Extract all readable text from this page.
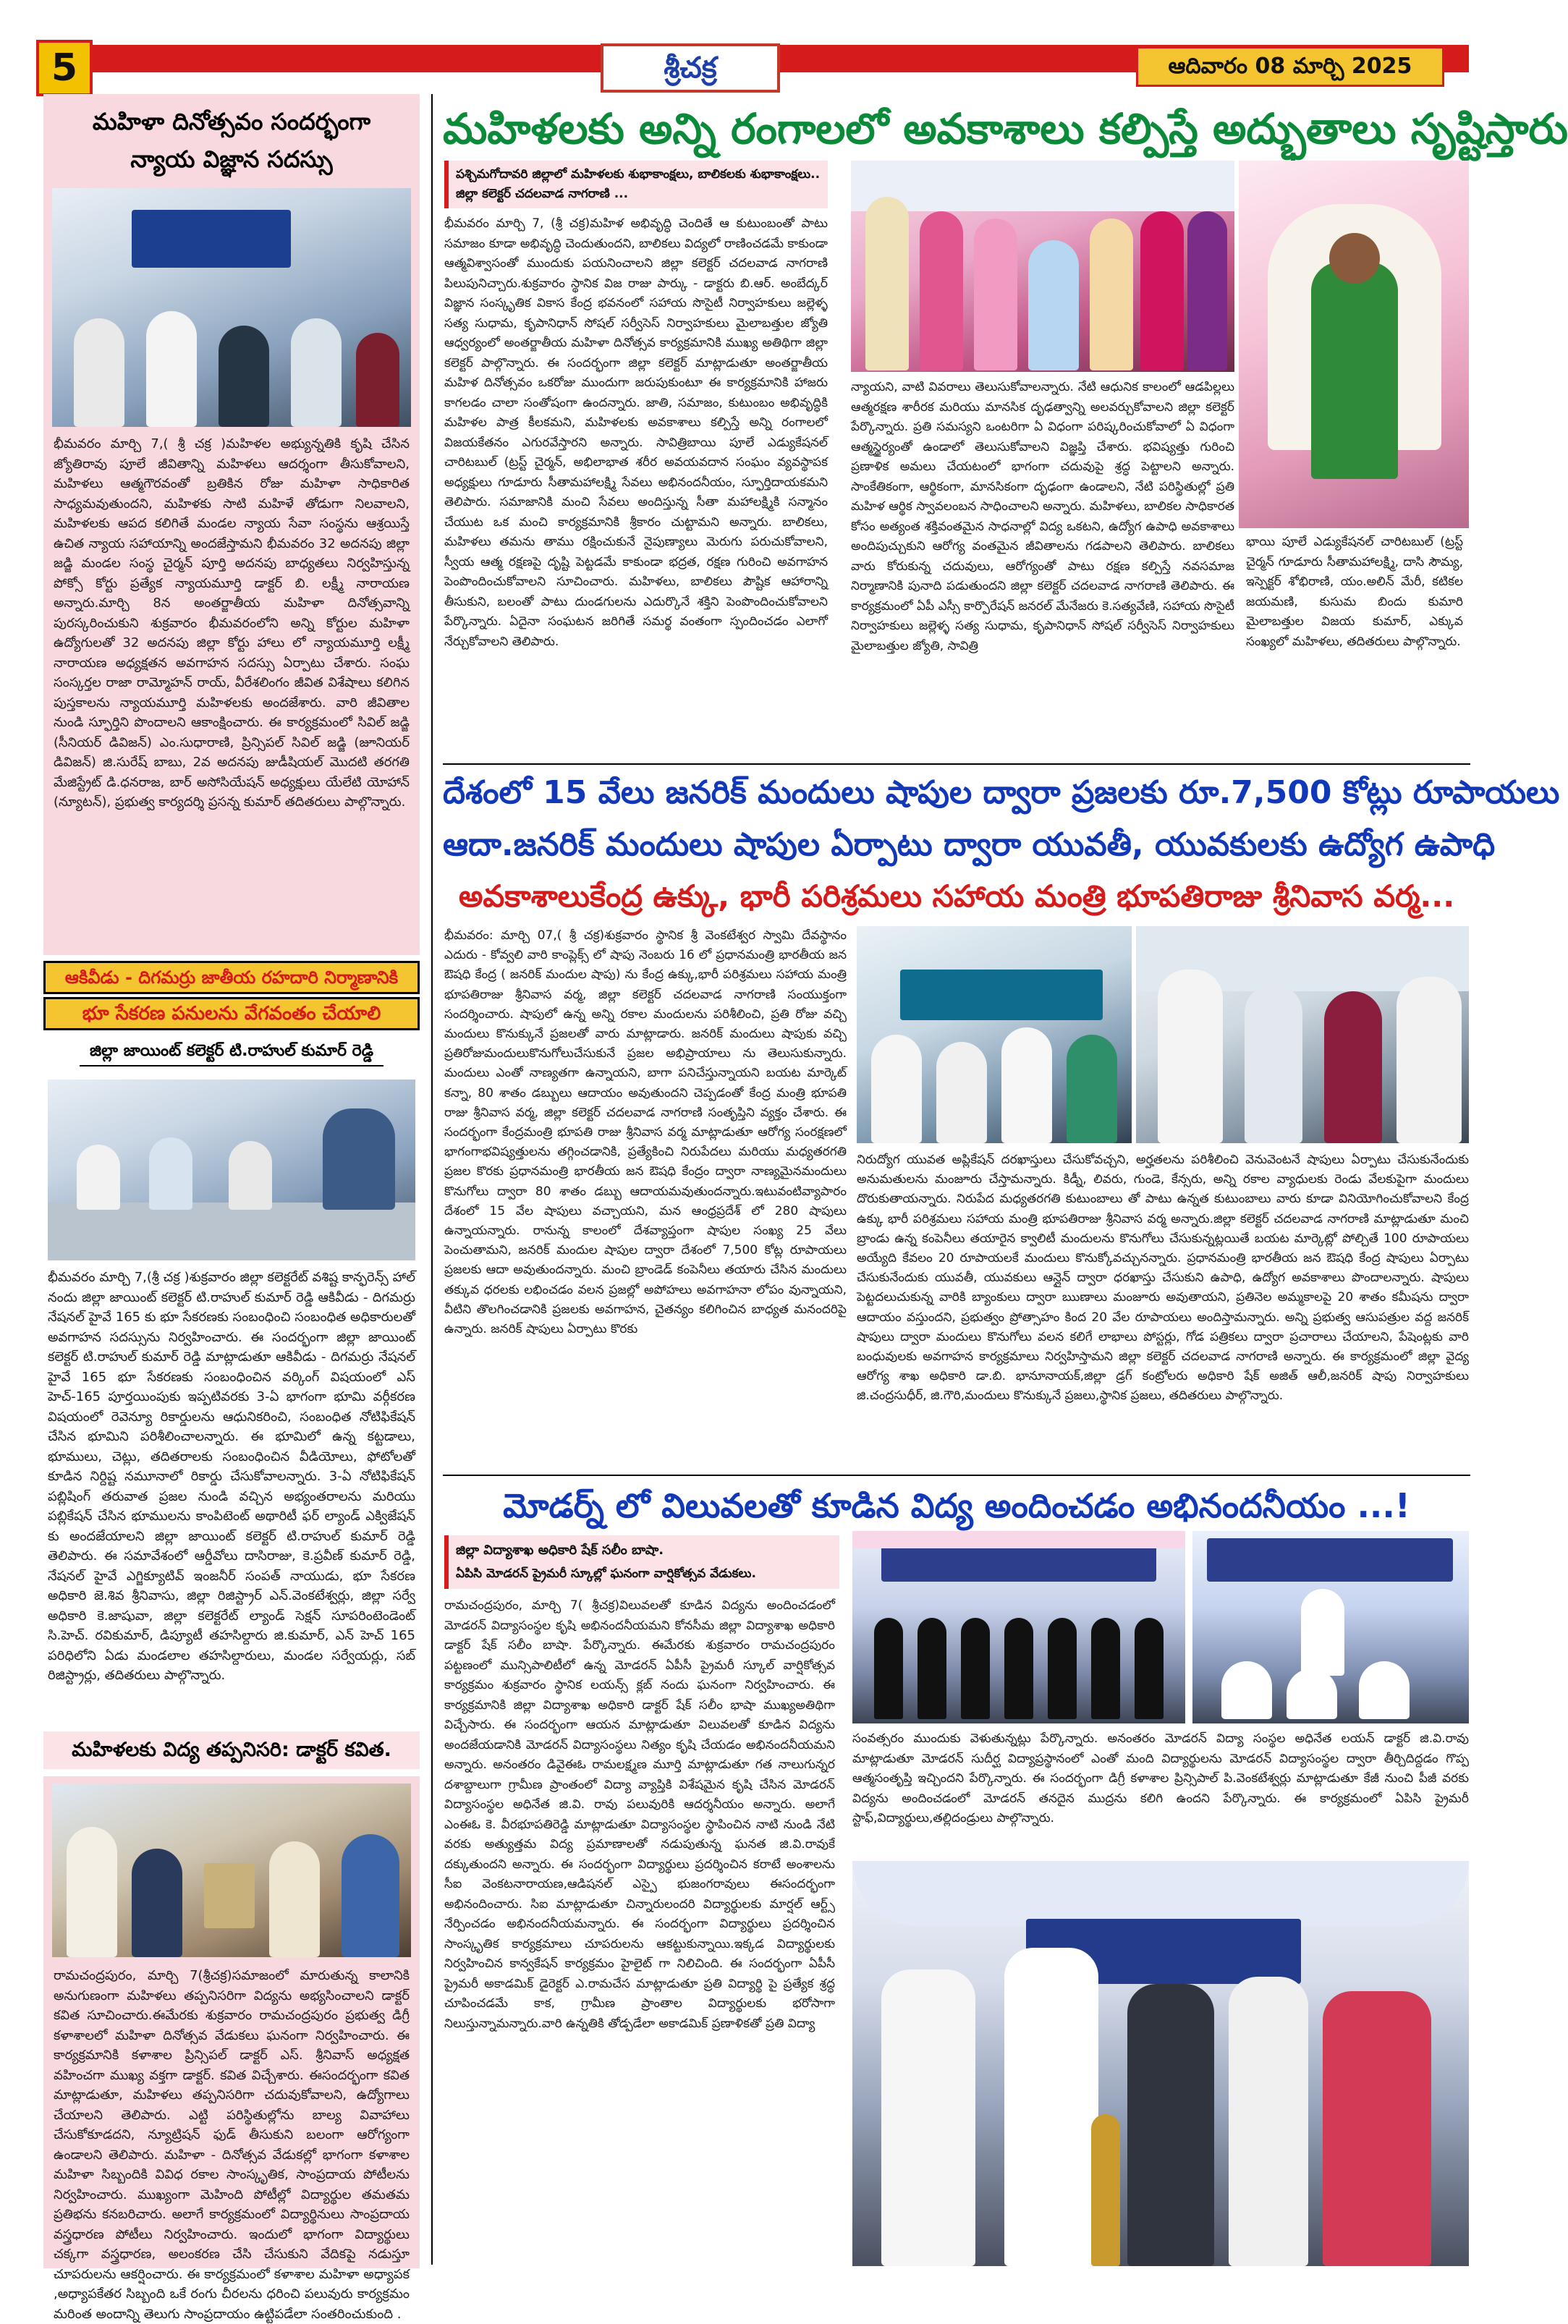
5	శ్రీచక్ర	ఆదివారం 08 మార్చి 2025
మహిళా దినోత్సవం సందర్భంగా
న్యాయ విజ్ఞాన సదస్సు
భీమవరం మార్చి 7,( శ్రీ చక్ర )మహిళల అభ్యున్నతికి కృషి చేసిన జ్యోతిరావు పూలే జీవితాన్ని మహిళలు ఆదర్శంగా తీసుకోవాలని, మహిళలు ఆత్మగౌరవంతో బ్రతికిన రోజు మహిళా సాధికారిత సాధ్యమవుతుందని, మహిళకు సాటి మహిళే తోడుగా నిలవాలని, మహిళలకు ఆపద కలిగితే మండల న్యాయ సేవా సంస్థను ఆశ్రయిస్తే ఉచిత న్యాయ సహాయాన్ని అందజేస్తామని భీమవరం 32 అదనపు జిల్లా జడ్జి మండల సంస్థ చైర్మన్ పూర్తి అదనపు బాధ్యతలు నిర్వహిస్తున్న పోక్సో కోర్టు ప్రత్యేక న్యాయమూర్తి డాక్టర్ బి. లక్ష్మీ నారాయణ అన్నారు.మార్చి 8న అంతర్జాతీయ మహిళా దినోత్సవాన్ని పురస్కరించుకుని శుక్రవారం భీమవరంలోని అన్ని కోర్టుల మహిళా ఉద్యోగులతో 32 అదనపు జిల్లా కోర్టు హాలు లో న్యాయమూర్తి లక్ష్మీ నారాయణ అధ్యక్షతన అవగాహన సదస్సు ఏర్పాటు చేశారు. సంఘ సంస్కర్తల రాజా రామ్మోహన్ రాయ్, వీరేశలింగం జీవిత విశేషాలు కలిగిన పుస్తకాలను న్యాయమూర్తి మహిళలకు అందజేశారు. వారి జీవితాల నుండి స్ఫూర్తిని పొందాలని ఆకాంక్షించారు. ఈ కార్యక్రమంలో సివిల్ జడ్జి (సీనియర్ డివిజన్) ఎం.సుధారాణి, ప్రిన్సిపల్ సివిల్ జడ్జి (జూనియర్ డివిజన్) జి.సురేష్ బాబు, 2వ అదనపు జుడీషియల్ మొదటి తరగతి మేజిస్ట్రేట్ డి.ధనరాజ, బార్ అసోసియేషన్ అధ్యక్షులు యేలేటి యోహాన్ (న్యూటన్), ప్రభుత్వ కార్యదర్శి ప్రసన్న కుమార్ తదితరులు పాల్గొన్నారు.
ఆకివీడు - దిగమర్రు జాతీయ రహదారి నిర్మాణానికి
భూ సేకరణ పనులను వేగవంతం చేయాలి
జిల్లా జాయింట్ కలెక్టర్ టి.రాహుల్ కుమార్ రెడ్డి
భీమవరం మార్చి 7,(శ్రీ చక్ర )శుక్రవారం జిల్లా కలెక్టరేట్ వశిష్ట కాన్ఫరెన్స్ హాల్ నందు జిల్లా జాయింట్ కలెక్టర్ టి.రాహుల్ కుమార్ రెడ్డి ఆకివీడు - దిగమర్రు నేషనల్ హైవే 165 కు భూ సేకరణకు సంబంధించి సంబంధిత అధికారులతో అవగాహన సదస్సును నిర్వహించారు. ఈ సందర్భంగా జిల్లా జాయింట్ కలెక్టర్ టి.రాహుల్ కుమార్ రెడ్డి మాట్లాడుతూ ఆకివీడు - దిగమర్రు నేషనల్ హైవే 165 భూ సేకరణకు సంబంధించిన వర్కింగ్ విషయంలో ఎస్ హెచ్-165 పూర్తయింపుకు ఇప్పటివరకు 3-ఏ భాగంగా భూమి వర్గీకరణ విషయంలో రెవెన్యూ రికార్డులను ఆధునికరించి, సంబంధిత నోటిఫికేషన్ చేసిన భూమిని పరిశీలించాలన్నారు. ఈ భూమిలో ఉన్న కట్టడాలు, భూములు, చెట్లు, తదితరాలకు సంబంధించిన వీడియోలు, ఫోటోలతో కూడిన నిర్దిష్ట నమూనాలో రికార్డు చేసుకోవాలన్నారు. 3-ఏ నోటిఫికేషన్ పబ్లిషింగ్ తరువాత ప్రజల నుండి వచ్చిన అభ్యంతరాలను మరియు పబ్లికేషన్ చేసిన భూములను కాంపిటెంట్ అథారిటీ ఫర్ ల్యాండ్ ఎక్విజేషన్ కు అందజేయాలని జిల్లా జాయింట్ కలెక్టర్ టి.రాహుల్ కుమార్ రెడ్డి తెలిపారు. ఈ సమావేశంలో ఆర్డీవోలు దాసిరాజు, కె.ప్రవీణ్ కుమార్ రెడ్డి, నేషనల్ హైవే ఎగ్జిక్యూటివ్ ఇంజనీర్ సంపత్ నాయుడు, భూ సేకరణ అధికారి జె.శివ శ్రీనివాసు, జిల్లా రిజిస్ట్రార్ ఎన్.వెంకటేశ్వర్లు, జిల్లా సర్వే అధికారి కె.జాషువా, జిల్లా కలెక్టరేట్ ల్యాండ్ సెక్షన్ సూపరింటెండెంట్ సి.హెచ్. రవికుమార్, డిప్యూటీ తహసిల్దారు జి.కుమార్, ఎన్ హెచ్ 165 పరిధిలోని ఏడు మండలాల తహసిల్దారులు, మండల సర్వేయర్లు, సబ్ రిజిస్ట్రార్లు, తదితరులు పాల్గొన్నారు.
మహిళలకు విద్య తప్పనిసరి: డాక్టర్ కవిత.
రామచంద్రపురం, మార్చి 7(శ్రీచక్ర)సమాజంలో మారుతున్న కాలానికి అనుగుణంగా మహిళలు తప్పనిసరిగా విద్యను అభ్యసించాలని డాక్టర్ కవిత సూచించారు.ఈమేరకు శుక్రవారం రామచంద్రపురం ప్రభుత్వ డిగ్రీ కళాశాలలో మహిళా దినోత్సవ వేడుకలు ఘనంగా నిర్వహించారు. ఈ కార్యక్రమానికి కళాశాల ప్రిన్సిపల్ డాక్టర్ ఎస్. శ్రీనివాస్ అధ్యక్షత వహించగా ముఖ్య వక్తగా డాక్టర్. కవిత విచ్చేశారు. ఈసందర్భంగా కవిత మాట్లాడుతూ, మహిళలు తప్పనిసరిగా చదువుకోవాలని, ఉద్యోగాలు చేయాలని తెలిపారు. ఎట్టి పరిస్థితుల్లోను బాల్య వివాహాలు చేసుకోకూడదని, న్యూట్రిషన్ ఫుడ్ తీసుకుని బలంగా ఆరోగ్యంగా ఉండాలని తెలిపారు. మహిళా - దినోత్సవ వేడుకల్లో భాగంగా కళాశాల మహిళా సిబ్బందికి వివిధ రకాల సాంస్కృతిక, సాంప్రదాయ పోటీలను నిర్వహించారు. ముఖ్యంగా మెహింది పోటీల్లో విద్యార్థుల తమతమ ప్రతిభను కనబరిచారు. అలాగే కార్యక్రమంలో విద్యార్థినులు సాంప్రదాయ వస్త్రధారణ పోటీలు నిర్వహించారు. ఇందులో భాగంగా విద్యార్థులు చక్కగా వస్త్రధారణ, అలంకరణ చేసి చేసుకుని వేదికపై నడుస్తూ చూపరులను ఆకర్షించారు. ఈ కార్యక్రమంలో కళాశాల మహిళా అధ్యాపక ,అధ్యాపకేతర సిబ్బంది ఒకే రంగు చీరలను ధరించి పలువురు కార్యక్రమం మరింత అందాన్ని తెలుగు సాంప్రదాయం ఉట్టిపడేలా సంతరించుకుంది .
మహిళలకు అన్ని రంగాలలో అవకాశాలు కల్పిస్తే అద్భుతాలు సృష్టిస్తారు
పశ్చిమగోదావరి జిల్లాలో మహిళలకు శుభాకాంక్షలు, బాలికలకు శుభాకాంక్షలు.. జిల్లా కలెక్టర్ చదలవాడ నాగరాణి ...
భీమవరం మార్చి 7, (శ్రీ చక్ర)మహిళ అభివృద్ధి చెందితే ఆ కుటుంబంతో పాటు సమాజం కూడా అభివృద్ధి చెందుతుందని, బాలికలు విద్యలో రాణించడమే కాకుండా ఆత్మవిశ్వాసంతో ముందుకు పయనించాలని జిల్లా కలెక్టర్ చదలవాడ నాగరాణి పిలుపునిచ్చారు.శుక్రవారం స్థానిక విజ రాజు పార్కు - డాక్టరు బి.ఆర్. అంబేద్కర్ విజ్ఞాన సంస్కృతిక వికాస కేంద్ర భవనంలో సహాయ సొసైటీ నిర్వాహకులు జల్లెళ్ళ సత్య సుధామ, కృపానిధాన్ సోషల్ సర్వీసెస్ నిర్వాహకులు మైలాబత్తుల జ్యోతి ఆధ్వర్యంలో అంతర్జాతీయ మహిళా దినోత్సవ కార్యక్రమానికి ముఖ్య అతిథిగా జిల్లా కలెక్టర్ పాల్గొన్నారు. ఈ సందర్భంగా జిల్లా కలెక్టర్ మాట్లాడుతూ అంతర్జాతీయ మహిళ దినోత్సవం ఒకరోజు ముందుగా జరుపుకుంటూ ఈ కార్యక్రమానికి హాజరు కాగలడం చాలా సంతోషంగా ఉందన్నారు. జాతి, సమాజం, కుటుంబం అభివృద్ధికి మహిళల పాత్ర కీలకమని, మహిళలకు అవకాశాలు కల్పిస్తే అన్ని రంగాలలో విజయకేతనం ఎగురవేస్తారని అన్నారు. సావిత్రిబాయి పూలే ఎడ్యుకేషనల్ చారిటబుల్ (ట్రస్ట్ చైర్మన్, అభిలాభాత శరీర అవయవదాన సంఘం వ్యవస్థాపక అధ్యక్షులు గూడూరు సీతామహాలక్ష్మి సేవలు అభినందనీయం, స్ఫూర్తిదాయకమని తెలిపారు. సమాజానికి మంచి సేవలు అందిస్తున్న సీతా మహాలక్ష్మికి సన్మానం చేయుట ఒక మంచి కార్యక్రమానికి శ్రీకారం చుట్టామని అన్నారు. బాలికలు, మహిళలు తమను తాము రక్షించుకునే నైపుణ్యాలు మెరుగు పరుచుకోవాలని, స్వీయ ఆత్మ రక్షణపై దృష్టి పెట్టడమే కాకుండా భద్రత, రక్షణ గురించి అవగాహన పెంపొందించుకోవాలని సూచించారు. మహిళలు, బాలికలు పౌష్టిక ఆహారాన్ని తీసుకుని, బలంతో పాటు దుండగులను ఎదుర్కొనే శక్తిని పెంపొందించుకోవాలని పేర్కొన్నారు. ఏదైనా సంఘటన జరిగితే సమర్థ వంతంగా స్పందించడం ఎలాగో నేర్చుకోవాలని తెలిపారు.
న్యాయని, వాటి వివరాలు తెలుసుకోవాలన్నారు. నేటి ఆధునిక కాలంలో ఆడపిల్లలు ఆత్మరక్షణ శారీరక మరియు మానసిక దృఢత్వాన్ని అలవర్చుకోవాలని జిల్లా కలెక్టర్ పేర్కొన్నారు. ప్రతి సమస్యని ఒంటరిగా ఏ విధంగా పరిష్కరించుకోవాలో ఏ విధంగా ఆత్మస్థైర్యంతో ఉండాలో తెలుసుకోవాలని విజ్ఞప్తి చేశారు. భవిష్యత్తు గురించి ప్రణాళిక అమలు చేయటంలో భాగంగా చదువుపై శ్రద్ధ పెట్టాలని అన్నారు. సాంకేతికంగా, ఆర్థికంగా, మానసికంగా దృఢంగా ఉండాలని, నేటి పరిస్థితుల్లో ప్రతి మహిళ ఆర్థిక స్వావలంబన సాధించాలని అన్నారు. మహిళలు, బాలికల సాధికారత కోసం అత్యంత శక్తివంతమైన సాధనాల్లో విద్య ఒకటని, ఉద్యోగ ఉపాధి అవకాశాలు అందిపుచ్చుకుని ఆరోగ్య వంతమైన జీవితాలను గడపాలని తెలిపారు. బాలికలు వారు కోరుకున్న చదువులు, ఆరోగ్యంతో పాటు రక్షణ కల్పిస్తే నవసమాజ నిర్మాణానికి పునాది పడుతుందని జిల్లా కలెక్టర్ చదలవాడ నాగరాణి తెలిపారు. ఈ కార్యక్రమంలో ఏపీ ఎస్సీ కార్పొరేషన్ జనరల్ మేనేజరు కె.సత్యవేణి, సహాయ సొసైటీ నిర్వాహకులు జల్లెళ్ళ సత్య సుధామ, కృపానిధాన్ సోషల్ సర్వీసెస్ నిర్వాహకులు మైలాబత్తుల జ్యోతి, సావిత్రి
భాయి పూలే ఎడ్యుకేషనల్ చారిటబుల్ (ట్రస్ట్ చైర్మన్ గూడూరు సీతామహాలక్ష్మి, దాసి సౌమ్య, ఇస్పెక్టర్ శోభిరాణి, యం.అలిన్ మేరీ, కటికల జయమణి, కుసుమ బిందు కుమారి మైలాబత్తుల విజయ కుమార్, ఎక్కువ సంఖ్యలో మహిళలు, తదితరులు పాల్గొన్నారు.
దేశంలో 15 వేలు జనరిక్ మందులు షాపుల ద్వారా ప్రజలకు రూ.7,500 కోట్లు రూపాయలు
ఆదా.జనరిక్ మందులు షాపుల ఏర్పాటు ద్వారా యువతీ, యువకులకు ఉద్యోగ ఉపాధి
అవకాశాలుకేంద్ర ఉక్కు, భారీ పరిశ్రమలు సహాయ మంత్రి భూపతిరాజు శ్రీనివాస వర్మ...
భీమవరం: మార్చి 07,( శ్రీ చక్ర)శుక్రవారం స్థానిక శ్రీ వెంకటేశ్వర స్వామి దేవస్థానం ఎదురు - కోవ్వలి వారి కాంప్లెక్స్ లో షాపు నెంబరు 16 లో ప్రధానమంత్రి భారతీయ జన ఔషధి కేంద్ర ( జనరిక్ మందుల షాపు) ను కేంద్ర ఉక్కు,భారీ పరిశ్రమలు సహాయ మంత్రి భూపతిరాజు శ్రీనివాస వర్మ, జిల్లా కలెక్టర్ చదలవాడ నాగరాణి సంయుక్తంగా సందర్శించారు. షాపులో ఉన్న అన్ని రకాల మందులను పరిశీలించి, ప్రతి రోజు వచ్చి మందులు కొనుక్కునే ప్రజలతో వారు మాట్లాడారు. జనరిక్ మందులు షాపుకు వచ్చి ప్రతిరోజుమందులుకొనుగోలుచేసుకునే ప్రజల అభిప్రాయాలు ను తెలుసుకున్నారు. మందులు ఎంతో నాణ్యతగా ఉన్నాయని, బాగా పనిచేస్తున్నాయని బయట మార్కెట్ కన్నా, 80 శాతం డబ్బులు ఆదాయం అవుతుందని చెప్పడంతో కేంద్ర మంత్రి భూపతి రాజు శ్రీనివాస వర్మ, జిల్లా కలెక్టర్ చదలవాడ నాగరాణి సంతృప్తిని వ్యక్తం చేశారు. ఈ సందర్భంగా కేంద్రమంత్రి భూపతి రాజు శ్రీనివాస వర్మ మాట్లాడుతూ ఆరోగ్య సంరక్షణలో భాగంగాభవిష్యత్తులను తగ్గించడానికి, ప్రత్యేకించి నిరుపేదలు మరియు మధ్యతరగతి ప్రజల కొరకు ప్రధానమంత్రి భారతీయ జన ఔషధి కేంద్రం ద్వారా నాణ్యమైనమందులు కొనుగోలు ద్వారా 80 శాతం డబ్బు ఆదాయమవుతుందన్నారు.ఇటువంటివ్యాపారం దేశంలో 15 వేల షాపులు వచ్చాయని, మన ఆంధ్రప్రదేశ్ లో 280 షాపులు ఉన్నాయన్నారు. రానున్న కాలంలో దేశవ్యాప్తంగా షాపుల సంఖ్య 25 వేలు పెంచుతామని, జనరిక్ మందుల షాపుల ద్వారా దేశంలో 7,500 కోట్ల రూపాయలు ప్రజలకు ఆదా అవుతుందన్నారు. మంచి బ్రాండెడ్ కంపెనీలు తయారు చేసిన మందులు తక్కువ ధరలకు లభించడం వలన ప్రజల్లో అపోహలు అవగాహనా లోపం వున్నాయని, వీటిని తొలగించడానికి ప్రజలకు అవగాహన, చైతన్యం కలిగించిన బాధ్యత మనందరిపై ఉన్నారు. జనరిక్ షాపులు ఏర్పాటు కొరకు
నిరుద్యోగ యువత అప్లికేషన్ దరఖాస్తులు చేసుకోవచ్చని, అర్హతలను పరిశీలించి వెనువెంటనే షాపులు ఏర్పాటు చేసుకునేందుకు అనుమతులను మంజూరు చేస్తామన్నారు. కిడ్నీ, లివరు, గుండె, కేన్సరు, అన్ని రకాల వ్యాధులకు రెండు వేలకుపైగా మందులు దొరుకుతాయన్నారు. నిరుపేద మధ్యతరగతి కుటుంబాలు తో పాటు ఉన్నత కుటుంబాలు వారు కూడా వినియోగించుకోవాలని కేంద్ర ఉక్కు భారీ పరిశ్రమలు సహాయ మంత్రి భూపతిరాజు శ్రీనివాస వర్మ అన్నారు.జిల్లా కలెక్టర్ చదలవాడ నాగరాణి మాట్లాడుతూ మంచి బ్రాండు ఉన్న కంపెనీలు తయారైన క్వాలిటీ మందులను కొనుగోలు చేసుకున్నట్లయితే బయట మార్కెట్లో పోల్చితే 100 రూపాయలు అయ్యేది కేవలం 20 రూపాయలకే మందులు కొనుక్కోవచ్చునన్నారు. ప్రధానమంత్రి భారతీయ జన ఔషధి కేంద్ర షాపులు ఏర్పాటు చేసుకునేందుకు యువతీ, యువకులు ఆన్లైన్ ద్వారా ధరఖాస్తు చేసుకుని ఉపాధి, ఉద్యోగ అవకాశాలు పొందాలన్నారు. షాపులు పెట్టదలుచుకున్న వారికి బ్యాంకులు ద్వారా ఋణాలు మంజూరు అవుతాయని, ప్రతినెల అమ్మకాలపై 20 శాతం కమీషను ద్వారా ఆదాయం వస్తుందని, ప్రభుత్వం ప్రోత్సాహం కింద 20 వేల రూపాయలు అందిస్తామన్నారు. అన్ని ప్రభుత్వ ఆసుపత్రుల వద్ద జనరిక్ షాపులు ద్వారా మందులు కొనుగోలు వలన కలిగే లాభాలు పోస్టర్లు, గోడ పత్రికలు ద్వారా ప్రచారాలు చేయాలని, పేషెంట్లకు వారి బంధువులకు అవగాహన కార్యక్రమాలు నిర్వహిస్తామని జిల్లా కలెక్టర్ చదలవాడ నాగరాణి అన్నారు. ఈ కార్యక్రమంలో జిల్లా వైద్య ఆరోగ్య శాఖ అధికారి డా.బి. భానూనాయక్,జిల్లా డ్రగ్ కంట్రోలరు అధికారి షేక్ అజిత్ ఆలీ,జనరిక్ షాపు నిర్వాహకులు జి.చంద్రసుధీర్, జి.గౌరి,మందులు కొనుక్కునే ప్రజలు,స్థానిక ప్రజలు, తదితరులు పాల్గొన్నారు.
మోడర్న్ లో విలువలతో కూడిన విద్య అందించడం అభినందనీయం ...!
జిల్లా విద్యాశాఖ అధికారి షేక్ సలీం బాషా.
ఏపిసి మోడరన్ ప్రైమరీ స్కూల్లో ఘనంగా వార్షికోత్సవ వేడుకలు.
రామచంద్రపురం, మార్చి 7( శ్రీచక్ర)విలువలతో కూడిన విద్యను అందించడంలో మోడరన్ విద్యాసంస్థల కృషి అభినందనీయమని కోనసీమ జిల్లా విద్యాశాఖ అధికారి డాక్టర్ షేక్ సలీం బాషా. పేర్కొన్నారు. ఈమేరకు శుక్రవారం రామచంద్రపురం పట్టణంలో మున్సిపాలిటీలో ఉన్న మోడరన్ ఏపీసీ ప్రైమరీ స్కూల్ వార్షికోత్సవ కార్యక్రమం శుక్రవారం స్థానిక లయన్స్ క్లబ్ నందు ఘనంగా నిర్వహించారు. ఈ కార్యక్రమానికి జిల్లా విద్యాశాఖ అధికారి డాక్టర్ షేక్ సలీం భాషా ముఖ్యఅతిథిగా విచ్చేసారు. ఈ సందర్భంగా ఆయన మాట్లాడుతూ విలువలతో కూడిన విద్యను అందజేయడానికి మోడరన్ విద్యాసంస్థలు నిత్యం కృషి చేయడం అభినందనీయమని అన్నారు. అనంతరం డివైఈఓ రామలక్ష్మణ మూర్తి మాట్లాడుతూ గత నాలుగున్నర దశాబ్దాలుగా గ్రామీణ ప్రాంతంలో విద్యా వ్యాప్తికి విశేషమైన కృషి చేసిన మోడరన్ విద్యాసంస్థల అధినేత జి.వి. రావు పలువురికి ఆదర్శనీయం అన్నారు. అలాగే ఎంఈఓ కె. వీరభూపతిరెడ్డి మాట్లాడుతూ విద్యాసంస్థల స్థాపించిన నాటి నుండి నేటి వరకు అత్యుత్తమ విద్య ప్రమాణాలతో నడుపుతున్న ఘనత జి.వి.రావుకే దక్కుతుందని అన్నారు. ఈ సందర్భంగా విద్యార్థులు ప్రదర్శించిన కరాటే అంశాలను సీఐ వెంకటనారాయణ,ఆడిషనల్ ఎస్పై భుజంగరావులు ఈసందర్భంగా అభినందించారు. సిఐ మాట్లాడుతూ చిన్నారులందరి విద్యార్థులకు మార్షల్ ఆర్ట్స్ నేర్పించడం అభినందనీయమన్నారు. ఈ సందర్భంగా విద్యార్థులు ప్రదర్శించిన సాంస్కృతిక కార్యక్రమాలు చూపరులను ఆకట్టుకున్నాయి.ఇక్కడ విద్యార్థులకు నిర్వహించిన కాన్వకేషన్ కార్యక్రమం హైలైట్ గా నిలిచింది. ఈ సందర్భంగా ఏపీసీ ప్రైమరీ అకాడమిక్ డైరెక్టర్ ఎ.రామచేస మాట్లాడుతూ ప్రతి విద్యార్థి పై ప్రత్యేక శ్రద్ధ చూపించడమే కాక, గ్రామీణ ప్రాంతాల విద్యార్థులకు భరోసాగా నిలుస్తున్నామన్నారు.వారి ఉన్నతికి తోడ్పడేలా అకాడమిక్ ప్రణాళికతో ప్రతి విద్యా
సంవత్సరం ముందుకు వెళుతున్నట్లు పేర్కొన్నారు. అనంతరం మోడరన్ విద్యా సంస్థల అధినేత లయన్ డాక్టర్ జి.వి.రావు మాట్లాడుతూ మోడరన్ సుదీర్ఘ విద్యాప్రస్థానంలో ఎంతో మంది విద్యార్థులను మోడరన్ విద్యాసంస్థల ద్వారా తీర్చిదిద్దడం గొప్ప ఆత్మసంతృప్తి ఇచ్చిందని పేర్కొన్నారు. ఈ సందర్భంగా డిగ్రీ కళాశాల ప్రిన్సిపాల్ పి.వెంకటేశ్వర్లు మాట్లాడుతూ కేజీ నుంచి పీజీ వరకు విద్యను అందించడంలో మోడరన్ తనదైన ముద్రను కలిగి ఉందని పేర్కొన్నారు. ఈ కార్యక్రమంలో ఏపిసి ప్రైమరీ స్టాఫ్,విద్యార్థులు,తల్లిదండ్రులు పాల్గొన్నారు.
